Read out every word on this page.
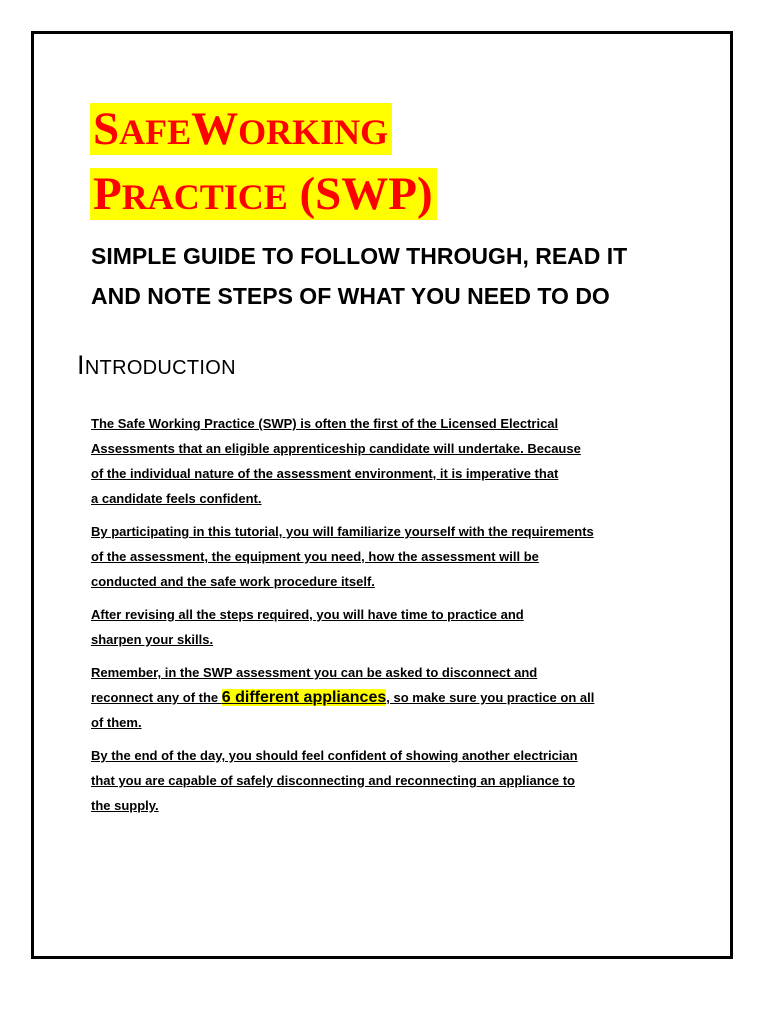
SAFEWORKING
PRACTICE (SWP)
SIMPLE GUIDE TO FOLLOW THROUGH, READ IT
AND NOTE STEPS OF WHAT YOU NEED TO DO
INTRODUCTION

The Safe Working Practice (SWP) is often the first of the Licensed Electrical
Assessments that an eligible apprenticeship candidate will undertake. Because
of the individual nature of the assessment environment, it is imperative that
a candidate feels confident.

By participating in this tutorial, you will familiarize yourself with the requirements
of the assessment, the equipment you need, how the assessment will be
conducted and the safe work procedure itself.

After revising all the steps required, you will have time to practice and
sharpen your skills.

Remember, in the SWP assessment you can be asked to disconnect and
reconnect any of the 6 different appliances, so make sure you practice on all
of them.

By the end of the day, you should feel confident of showing another electrician
that you are capable of safely disconnecting and reconnecting an appliance to
the supply.
